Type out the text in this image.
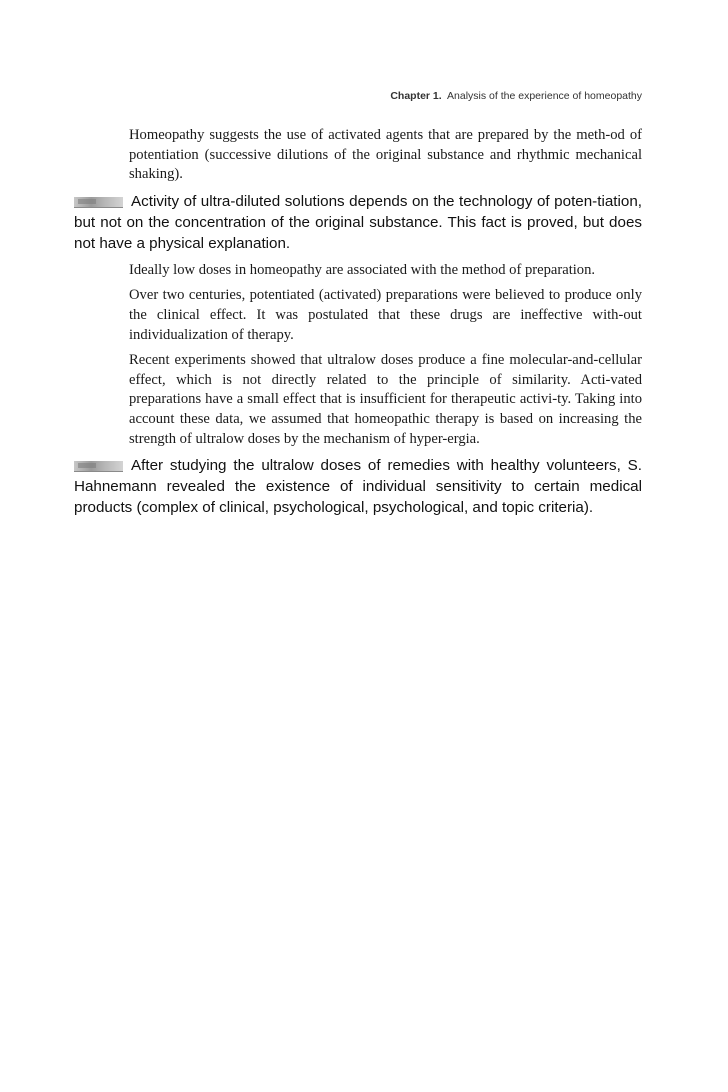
Chapter 1. Analysis of the experience of homeopathy

Homeopathy suggests the use of activated agents that are prepared by the meth-od of potentiation (successive dilutions of the original substance and rhythmic mechanical shaking).

Activity of ultra-diluted solutions depends on the technology of poten-tiation, but not on the concentration of the original substance. This fact is proved, but does not have a physical explanation.

Ideally low doses in homeopathy are associated with the method of preparation.

Over two centuries, potentiated (activated) preparations were believed to produce only the clinical effect. It was postulated that these drugs are ineffective with-out individualization of therapy.

Recent experiments showed that ultralow doses produce a fine molecular-and-cellular effect, which is not directly related to the principle of similarity. Acti-vated preparations have a small effect that is insufficient for therapeutic activi-ty. Taking into account these data, we assumed that homeopathic therapy is based on increasing the strength of ultralow doses by the mechanism of hyper-ergia.

After studying the ultralow doses of remedies with healthy volunteers, S. Hahnemann revealed the existence of individual sensitivity to certain medical products (complex of clinical, psychological, psychological, and topic criteria).
